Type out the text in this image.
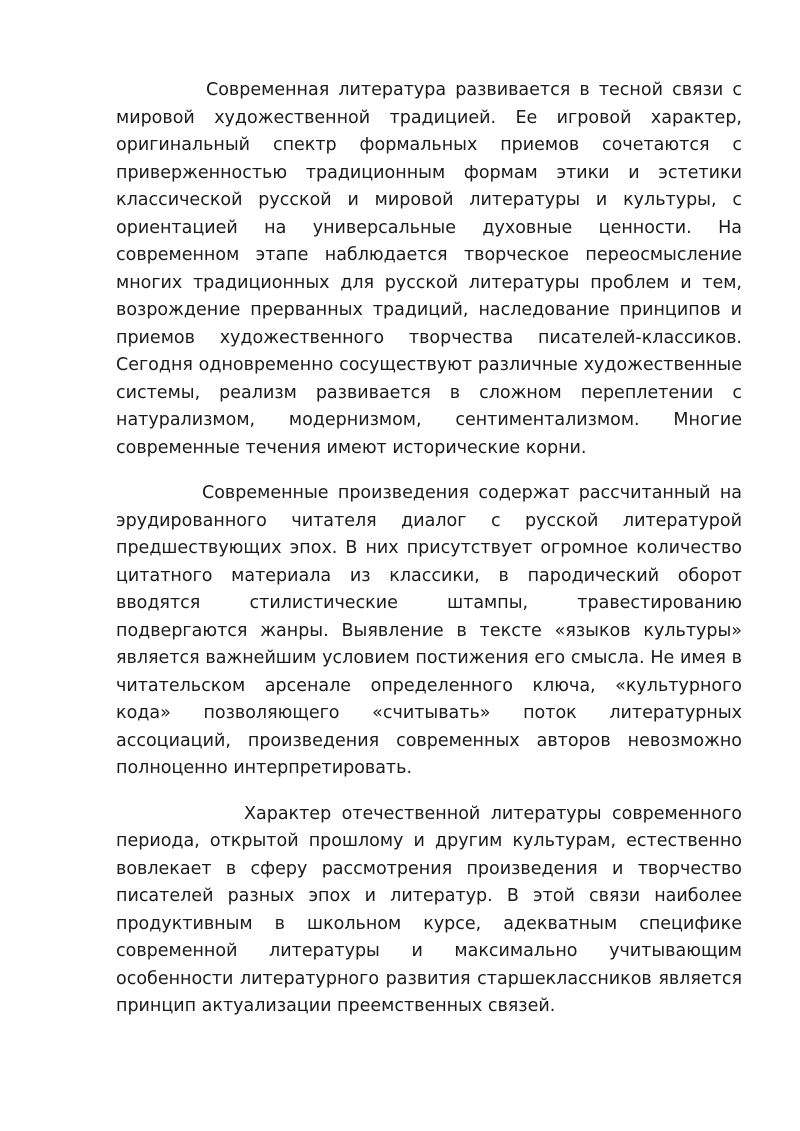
Современная литература развивается в тесной связи с мировой художественной традицией. Ее игровой характер, оригинальный спектр формальных приемов сочетаются с приверженностью традиционным формам этики и эстетики классической русской и мировой литературы и культуры, с ориентацией на универсальные духовные ценности. На современном этапе наблюдается творческое переосмысление многих традиционных для русской литературы проблем и тем, возрождение прерванных традиций, наследование принципов и приемов художественного творчества писателей-классиков. Сегодня одновременно сосуществуют различные художественные системы, реализм развивается в сложном переплетении с натурализмом, модернизмом, сентиментализмом. Многие современные течения имеют исторические корни.

Современные произведения содержат рассчитанный на эрудированного читателя диалог с русской литературой предшествующих эпох. В них присутствует огромное количество цитатного материала из классики, в пародический оборот вводятся стилистические штампы, травестированию подвергаются жанры. Выявление в тексте «языков культуры» является важнейшим условием постижения его смысла. Не имея в читательском арсенале определенного ключа, «культурного кода» позволяющего «считывать» поток литературных ассоциаций, произведения современных авторов невозможно полноценно интерпретировать.

Характер отечественной литературы современного периода, открытой прошлому и другим культурам, естественно вовлекает в сферу рассмотрения произведения и творчество писателей разных эпох и литератур. В этой связи наиболее продуктивным в школьном курсе, адекватным специфике современной литературы и максимально учитывающим особенности литературного развития старшеклассников является принцип актуализации преемственных связей.
